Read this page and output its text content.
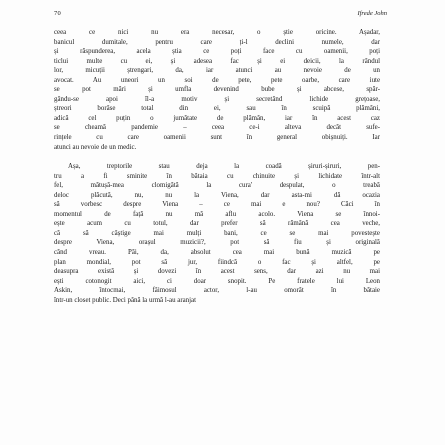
70	Ifrede John
ceea ce nici nu era necesar, o știe oricine. Așadar,
banicul dumitale, pentru care ți-l declini numele, dar
și răspunderea, acela știa ce poți face cu oamenii, poți
ticlui multe cu ei, și adesea fac și ei deicii, la rândul
lor, micuții ștrengari, da, iar atunci au nevoie de un
avocat. Au uneori un soi de pete, pete oarbe, care iute
se pot mări și umfla devenind bube și abcese, spăr-
gându-se apoi îl-a motiv și secretând lichide grețoase,
ștreori borâse total din ei, sau în scuipă plămâni,
adică cel puțin o jumătate de plămân, iar în acest caz
se cheamă pandemie – ceea ce-i alteva decât sufe-
rințele cu care oamenii sunt în general obișnuiți. Iar
atunci au nevoie de un medic.
Așa, treptorile stau deja la coadă șiruri-șiruri, pen-
tru a fi sminite în bătaia cu chinuite și lichidate într-alt
fel, mătușă-mea clomigătă la cura' despulat, o treabă
deloc plăcută, nu, nu la Viena, dar asta-mi dă ocazia
să vorbesc despre Viena – ce mai e nou? Căci în
momentul de față nu mă aflu acolo. Viena se înnoi-
ește acum cu totul, dar prefer să rămână cea veche,
că să câștige mai mulți bani, ce se mai povestește
despre Viena, orașul muzicii?, pot să fiu și originală
când vreau. Păi, da, absolut cea mai bună muzică pe
plan mondial, pot să jur, fiindcă o fac și altfel, pe
deasupra există și dovezi în acest sens, dar azi nu mai
ești cotonogit aici, ci doar snopit. Pe fratele lui Leon
Askin, întocmai, fâimosul actor, l-au omorât în bătaie
într-un closet public. Deci până la urmă l-au aranjat
